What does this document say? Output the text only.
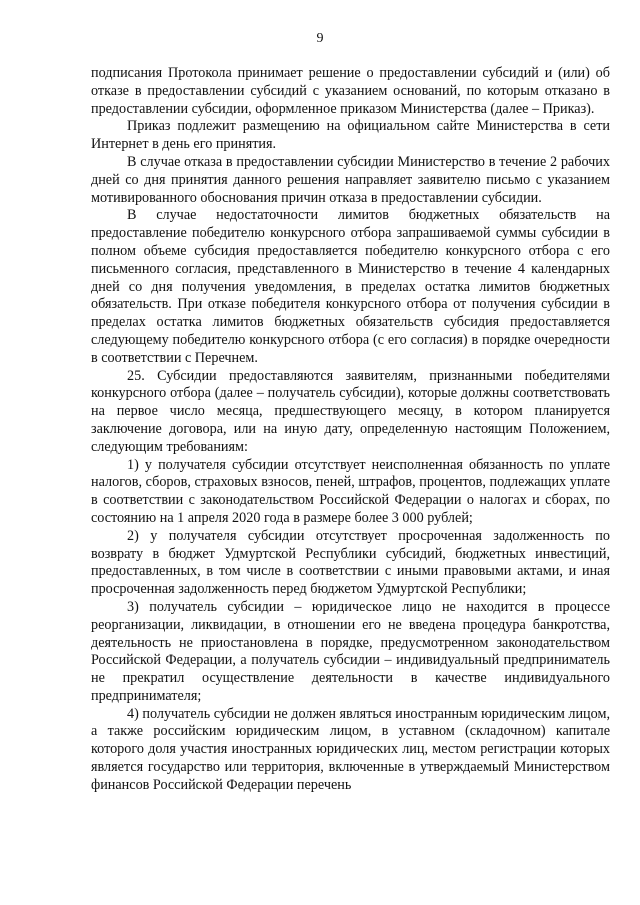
9

подписания Протокола принимает решение о предоставлении субсидий и (или) об отказе в предоставлении субсидий с указанием оснований, по которым отказано в предоставлении субсидии, оформленное приказом Министерства (далее – Приказ).

Приказ подлежит размещению на официальном сайте Министерства в сети Интернет в день его принятия.

В случае отказа в предоставлении субсидии Министерство в течение 2 рабочих дней со дня принятия данного решения направляет заявителю письмо с указанием мотивированного обоснования причин отказа в предоставлении субсидии.

В случае недостаточности лимитов бюджетных обязательств на предоставление победителю конкурсного отбора запрашиваемой суммы субсидии в полном объеме субсидия предоставляется победителю конкурсного отбора с его письменного согласия, представленного в Министерство в течение 4 календарных дней со дня получения уведомления, в пределах остатка лимитов бюджетных обязательств. При отказе победителя конкурсного отбора от получения субсидии в пределах остатка лимитов бюджетных обязательств субсидия предоставляется следующему победителю конкурсного отбора (с его согласия) в порядке очередности в соответствии с Перечнем.

25. Субсидии предоставляются заявителям, признанными победителями конкурсного отбора (далее – получатель субсидии), которые должны соответствовать на первое число месяца, предшествующего месяцу, в котором планируется заключение договора, или на иную дату, определенную настоящим Положением, следующим требованиям:

1) у получателя субсидии отсутствует неисполненная обязанность по уплате налогов, сборов, страховых взносов, пеней, штрафов, процентов, подлежащих уплате в соответствии с законодательством Российской Федерации о налогах и сборах, по состоянию на 1 апреля 2020 года в размере более 3 000 рублей;

2) у получателя субсидии отсутствует просроченная задолженность по возврату в бюджет Удмуртской Республики субсидий, бюджетных инвестиций, предоставленных, в том числе в соответствии с иными правовыми актами, и иная просроченная задолженность перед бюджетом Удмуртской Республики;

3) получатель субсидии – юридическое лицо не находится в процессе реорганизации, ликвидации, в отношении его не введена процедура банкротства, деятельность не приостановлена в порядке, предусмотренном законодательством Российской Федерации, а получатель субсидии – индивидуальный предприниматель не прекратил осуществление деятельности в качестве индивидуального предпринимателя;

4) получатель субсидии не должен являться иностранным юридическим лицом, а также российским юридическим лицом, в уставном (складочном) капитале которого доля участия иностранных юридических лиц, местом регистрации которых является государство или территория, включенные в утверждаемый Министерством финансов Российской Федерации перечень
